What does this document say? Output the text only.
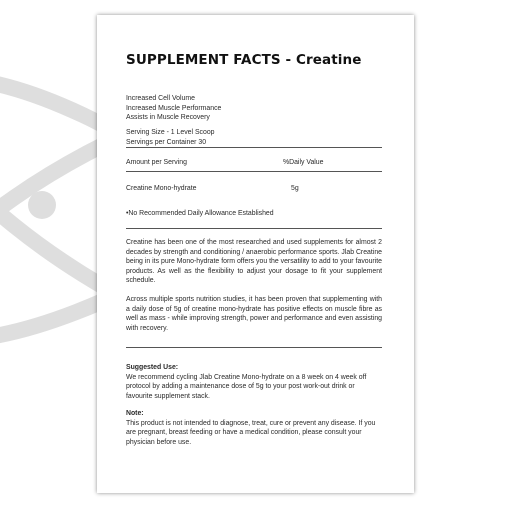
SUPPLEMENT FACTS - Creatine
Increased Cell Volume
Increased Muscle Performance
Assists in Muscle Recovery
Serving Size - 1 Level Scoop
Servings per Container 30
Amount per Serving	%Daily Value
Creatine Mono-hydrate	5g
•No Recommended Daily Allowance Established

Creatine has been one of the most researched and used supplements for almost 2 decades by strength and conditioning / anaerobic performance sports. Jlab Creatine being in its pure Mono-hydrate form offers you the versatility to add to your favourite products. As well as the flexibility to adjust your dosage to fit your supplement schedule.

Across multiple sports nutrition studies, it has been proven that supplementing with a daily dose of 5g of creatine mono-hydrate has positive effects on muscle fibre as well as mass - while improving strength, power and performance and even assisting with recovery.

Suggested Use:

We recommend cycling Jlab Creatine Mono-hydrate on a 8 week on 4 week off protocol by adding a maintenance dose of 5g to your post work-out drink or favourite supplement stack.

Note:

This product is not intended to diagnose, treat, cure or prevent any disease. If you are pregnant, breast feeding or have a medical condition, please consult your physician before use.
